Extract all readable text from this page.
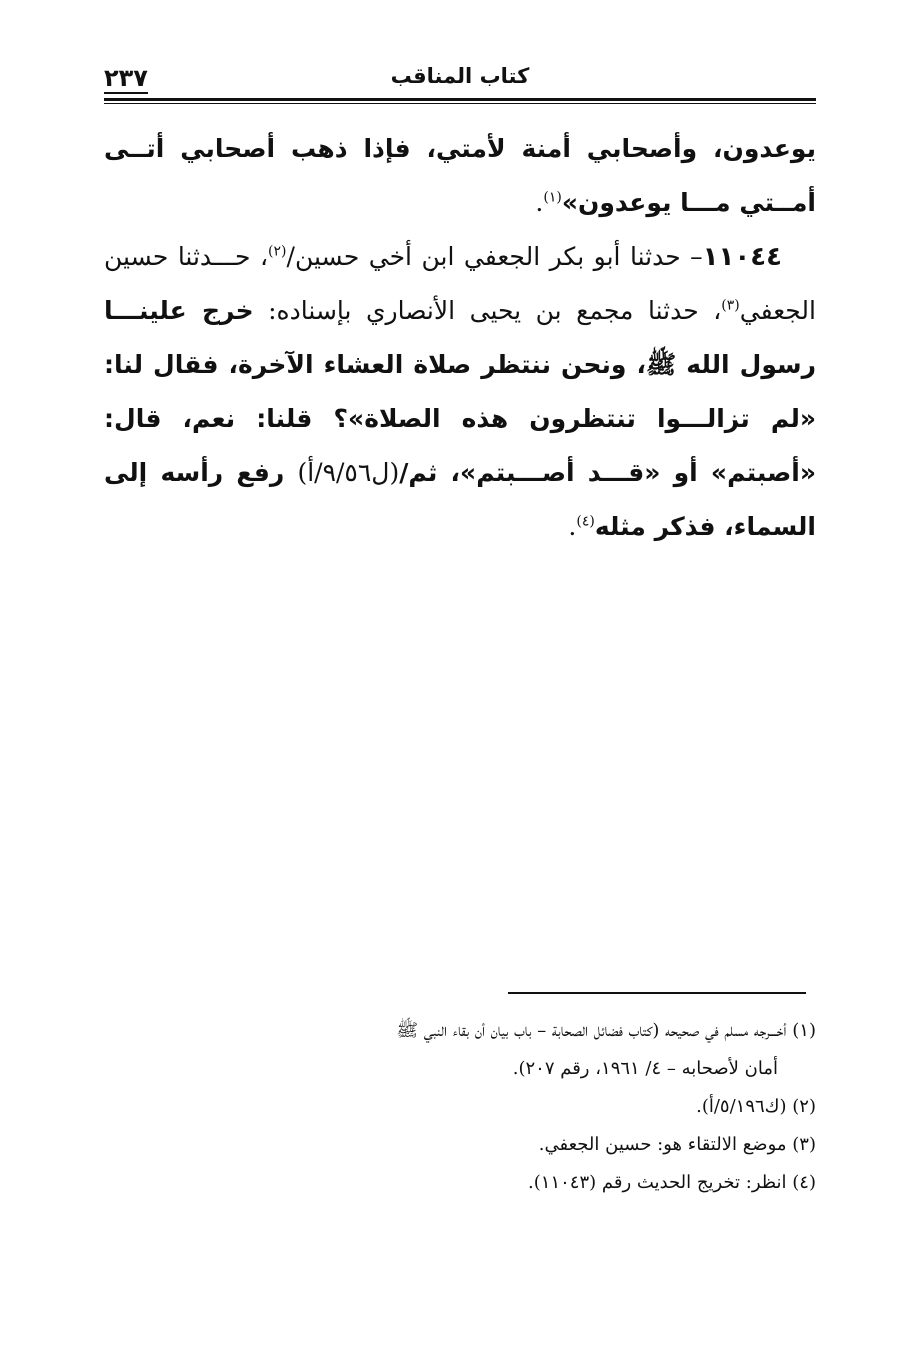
٢٣٧	كتاب المناقب

يوعدون، وأصحابي أمنة لأمتي، فإذا ذهب أصحابي أتــى أمــتي مـــا يوعدون»$^{(١)}$.

١١٠٤٤– حدثنا أبو بكر الجعفي ابن أخي حسين/$^{(٢)}$، حـــدثنا حسين الجعفي$^{(٣)}$، حدثنا مجمع بن يحيى الأنصاري بإسناده: خرج علينـــا رسول الله ﷺ، ونحن ننتظر صلاة العشاء الآخرة، فقال لنا: «لم تزالـــوا تنتظرون هذه الصلاة»؟ قلنا: نعم، قال: «أصبتم» أو «قـــد أصـــبتم»، ثم/(ل٩/٥٦/أ) رفع رأسه إلى السماء، فذكر مثله$^{(٤)}$.

(١) أخـــرجه مسلم في صحيحه (كتاب فضائل الصحابة – باب بيان أن بقاء النبي ﷺ
أمان لأصحابه – ٤/ ١٩٦١، رقم ٢٠٧).

(٢) (ك٥/١٩٦/أ).

(٣) موضع الالتقاء هو: حسين الجعفي.

(٤) انظر: تخريج الحديث رقم (١١٠٤٣).
